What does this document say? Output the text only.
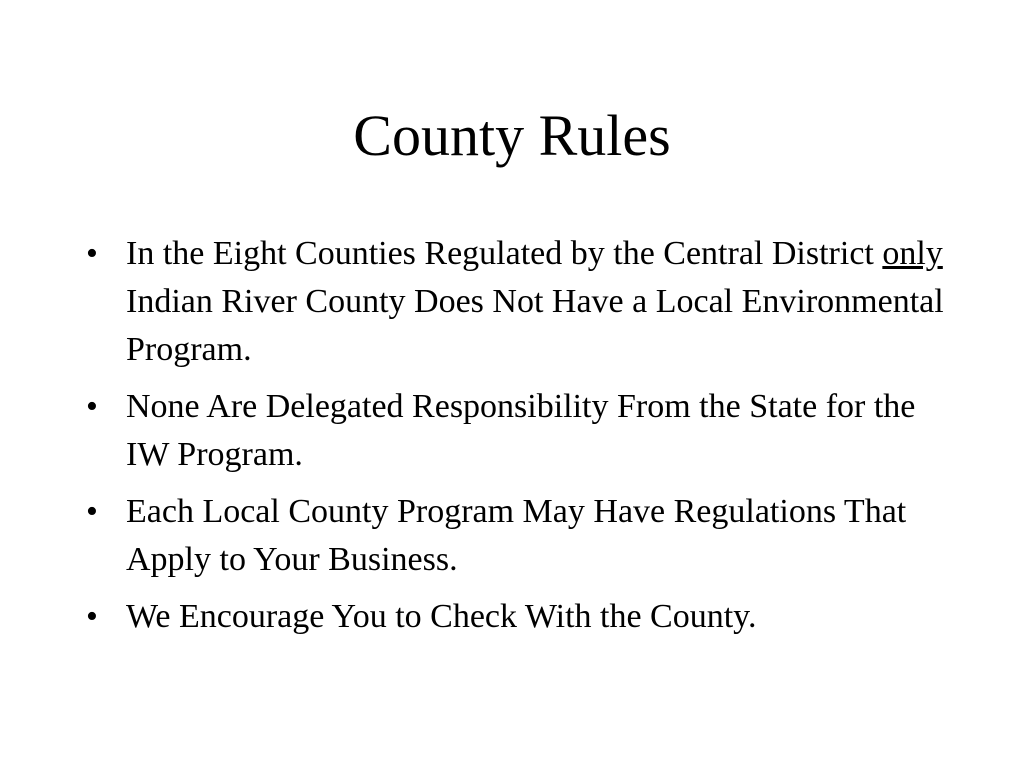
County Rules
• In the Eight Counties Regulated by the Central District only Indian River County Does Not Have a Local Environmental Program.
• None Are Delegated Responsibility From the State for the IW Program.
• Each Local County Program May Have Regulations That Apply to Your Business.
• We Encourage You to Check With the County.
